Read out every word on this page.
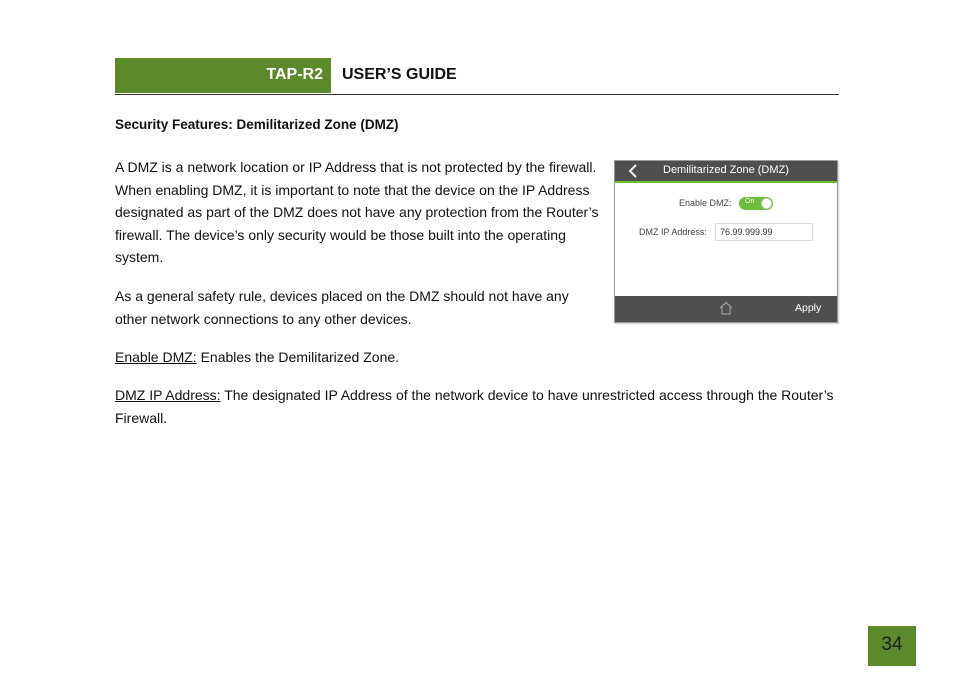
TAP-R2 USER’S GUIDE
Security Features: Demilitarized Zone (DMZ)

A DMZ is a network location or IP Address that is not protected by the firewall. When enabling DMZ, it is important to note that the device on the IP Address designated as part of the DMZ does not have any protection from the Router’s firewall. The device’s only security would be those built into the operating system.

As a general safety rule, devices placed on the DMZ should not have any other network connections to any other devices.

Enable DMZ: Enables the Demilitarized Zone.

DMZ IP Address: The designated IP Address of the network device to have unrestricted access through the Router’s Firewall.

Demilitarized Zone (DMZ)
Enable DMZ: On
DMZ IP Address: 76.99.999.99
Apply
34
